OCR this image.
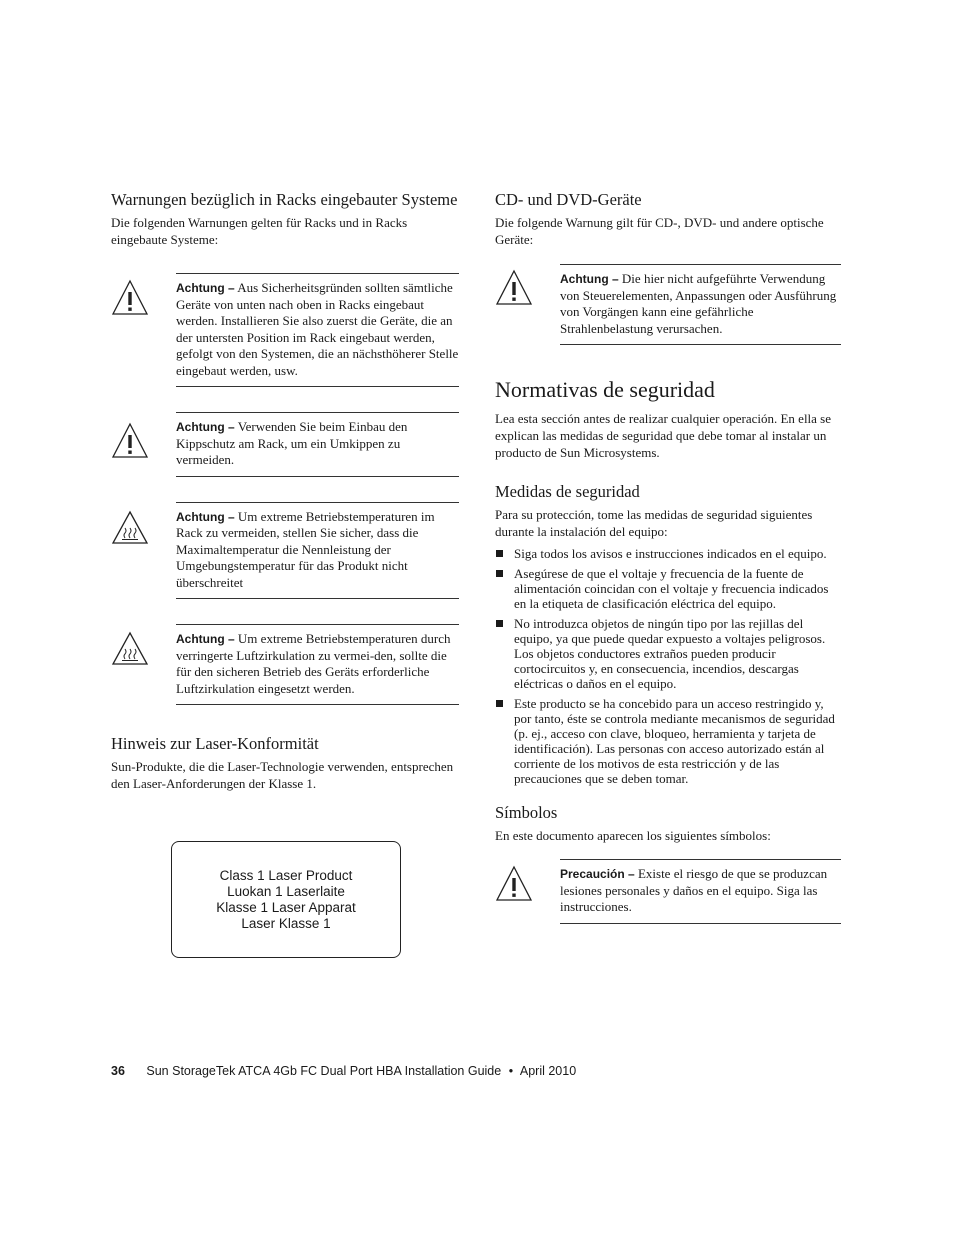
Warnungen bezüglich in Racks eingebauter Systeme

Die folgenden Warnungen gelten für Racks und in Racks eingebaute Systeme:

Achtung – Aus Sicherheitsgründen sollten sämtliche Geräte von unten nach oben in Racks eingebaut werden. Installieren Sie also zuerst die Geräte, die an der untersten Position im Rack eingebaut werden, gefolgt von den Systemen, die an nächsthöherer Stelle eingebaut werden, usw.
Achtung – Verwenden Sie beim Einbau den Kippschutz am Rack, um ein Umkippen zu vermeiden.
Achtung – Um extreme Betriebstemperaturen im Rack zu vermeiden, stellen Sie sicher, dass die Maximaltemperatur die Nennleistung der Umgebungstemperatur für das Produkt nicht überschreitet
Achtung – Um extreme Betriebstemperaturen durch verringerte Luftzirkulation zu vermei-den, sollte die für den sicheren Betrieb des Geräts erforderliche Luftzirkulation eingesetzt werden.
Hinweis zur Laser-Konformität

Sun-Produkte, die die Laser-Technologie verwenden, entsprechen den Laser-Anforderungen der Klasse 1.

Class 1 Laser Product
Luokan 1 Laserlaite
Klasse 1 Laser Apparat
Laser Klasse 1
CD- und DVD-Geräte

Die folgende Warnung gilt für CD-, DVD- und andere optische Geräte:

Achtung – Die hier nicht aufgeführte Verwendung von Steuerelementen, Anpassungen oder Ausführung von Vorgängen kann eine gefährliche Strahlenbelastung verursachen.
Normativas de seguridad

Lea esta sección antes de realizar cualquier operación. En ella se explican las medidas de seguridad que debe tomar al instalar un producto de Sun Microsystems.

Medidas de seguridad

Para su protección, tome las medidas de seguridad siguientes durante la instalación del equipo:

Siga todos los avisos e instrucciones indicados en el equipo.
Asegúrese de que el voltaje y frecuencia de la fuente de alimentación coincidan con el voltaje y frecuencia indicados en la etiqueta de clasificación eléctrica del equipo.
No introduzca objetos de ningún tipo por las rejillas del equipo, ya que puede quedar expuesto a voltajes peligrosos. Los objetos conductores extraños pueden producir cortocircuitos y, en consecuencia, incendios, descargas eléctricas o daños en el equipo.
Este producto se ha concebido para un acceso restringido y, por tanto, éste se controla mediante mecanismos de seguridad (p. ej., acceso con clave, bloqueo, herramienta y tarjeta de identificación). Las personas con acceso autorizado están al corriente de los motivos de esta restricción y de las precauciones que se deben tomar.
Símbolos

En este documento aparecen los siguientes símbolos:

Precaución – Existe el riesgo de que se produzcan lesiones personales y daños en el equipo. Siga las instrucciones.
36 Sun StorageTek ATCA 4Gb FC Dual Port HBA Installation Guide • April 2010
